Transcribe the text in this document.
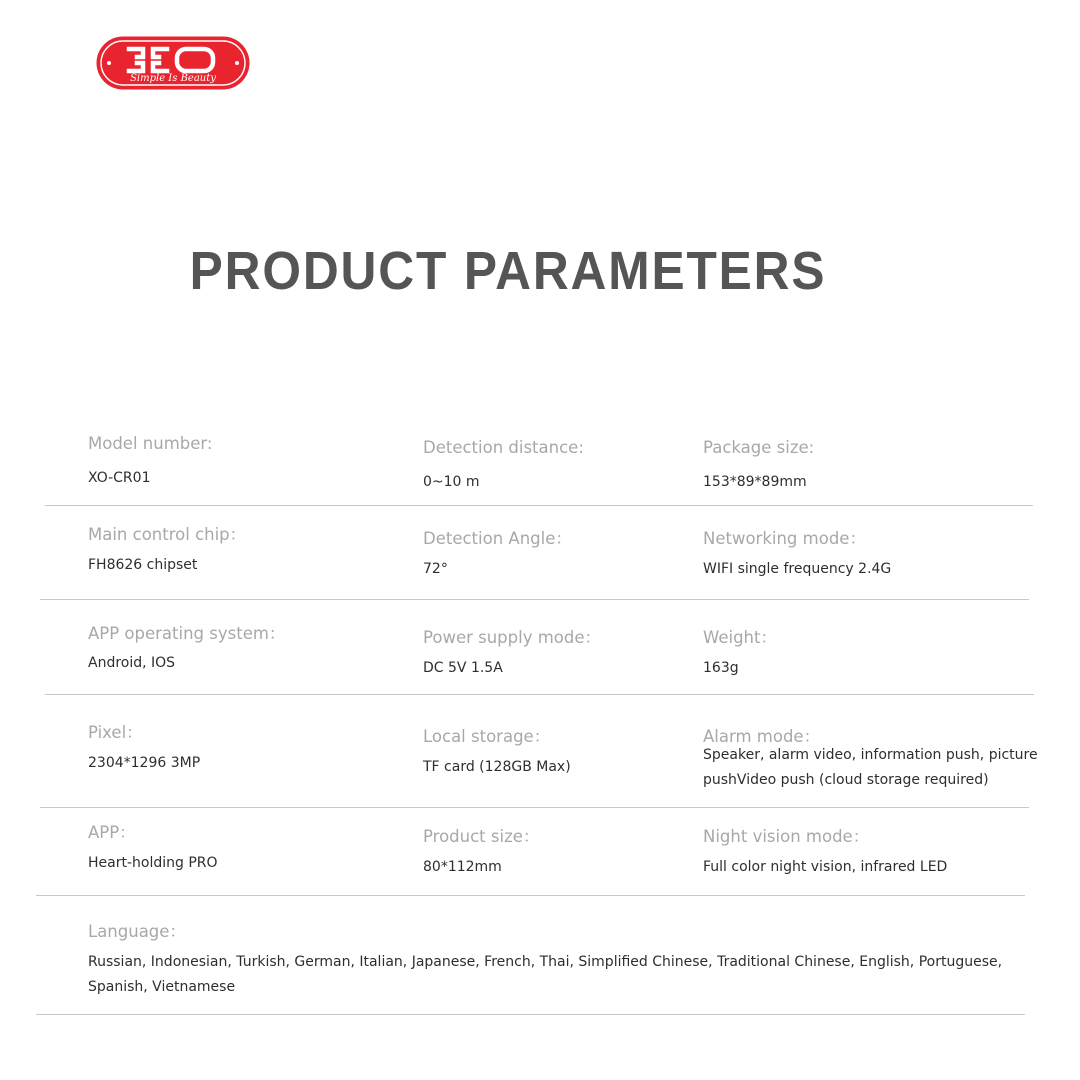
Simple Is Beauty
PRODUCT PARAMETERS
Model number:
XO-CR01
Detection distance:
0~10 m
Package size:
153*89*89mm
Main control chip：
FH8626 chipset
Detection Angle：
72°
Networking mode：
WIFI single frequency 2.4G
APP operating system：
Android, IOS
Power supply mode：
DC 5V 1.5A
Weight：
163g
Pixel：
2304*1296 3MP
Local storage：
TF card (128GB Max)
Alarm mode：
Speaker, alarm video, information push, picture pushVideo push (cloud storage required)
APP：
Heart-holding PRO
Product size：
80*112mm
Night vision mode：
Full color night vision, infrared LED
Language：
Russian, Indonesian, Turkish, German, Italian, Japanese, French, Thai, Simplified Chinese, Traditional Chinese, English, Portuguese, Spanish, Vietnamese
